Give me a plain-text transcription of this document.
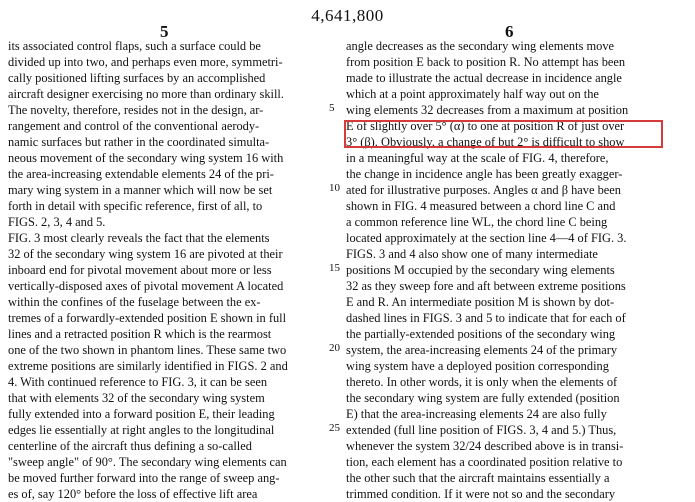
4,641,800
5	6
its associated control flaps, such a surface could be
divided up into two, and perhaps even more, symmetri-
cally positioned lifting surfaces by an accomplished
aircraft designer exercising no more than ordinary skill.
The novelty, therefore, resides not in the design, ar-
rangement and control of the conventional aerody-
namic surfaces but rather in the coordinated simulta-
neous movement of the secondary wing system 16 with
the area-increasing extendable elements 24 of the pri-
mary wing system in a manner which will now be set
forth in detail with specific reference, first of all, to
FIGS. 2, 3, 4 and 5.
FIG. 3 most clearly reveals the fact that the elements
32 of the secondary wing system 16 are pivoted at their
inboard end for pivotal movement about more or less
vertically-disposed axes of pivotal movement A located
within the confines of the fuselage between the ex-
tremes of a forwardly-extended position E shown in full
lines and a retracted position R which is the rearmost
one of the two shown in phantom lines. These same two
extreme positions are similarly identified in FIGS. 2 and
4. With continued reference to FIG. 3, it can be seen
that with elements 32 of the secondary wing system
fully extended into a forward position E, their leading
edges lie essentially at right angles to the longitudinal
centerline of the aircraft thus defining a so-called
"sweep angle" of 90°. The secondary wing elements can
be moved further forward into the range of sweep ang-
es of, say 120° before the loss of effective lift area
5
10
15
20
25
angle decreases as the secondary wing elements move
from position E back to position R. No attempt has been
made to illustrate the actual decrease in incidence angle
which at a point approximately half way out on the
wing elements 32 decreases from a maximum at position
E of slightly over 5° (α) to one at position R of just over
3° (β). Obviously, a change of but 2° is difficult to show
in a meaningful way at the scale of FIG. 4, therefore,
the change in incidence angle has been greatly exagger-
ated for illustrative purposes. Angles α and β have been
shown in FIG. 4 measured between a chord line C and
a common reference line WL, the chord line C being
located approximately at the section line 4—4 of FIG. 3.
FIGS. 3 and 4 also show one of many intermediate
positions M occupied by the secondary wing elements
32 as they sweep fore and aft between extreme positions
E and R. An intermediate position M is shown by dot-
dashed lines in FIGS. 3 and 5 to indicate that for each of
the partially-extended positions of the secondary wing
system, the area-increasing elements 24 of the primary
wing system have a deployed position corresponding
thereto. In other words, it is only when the elements of
the secondary wing system are fully extended (position
E) that the area-increasing elements 24 are also fully
extended (full line position of FIGS. 3, 4 and 5.) Thus,
whenever the system 32/24 described above is in transi-
tion, each element has a coordinated position relative to
the other such that the aircraft maintains essentially a
trimmed condition. If it were not so and the secondary
